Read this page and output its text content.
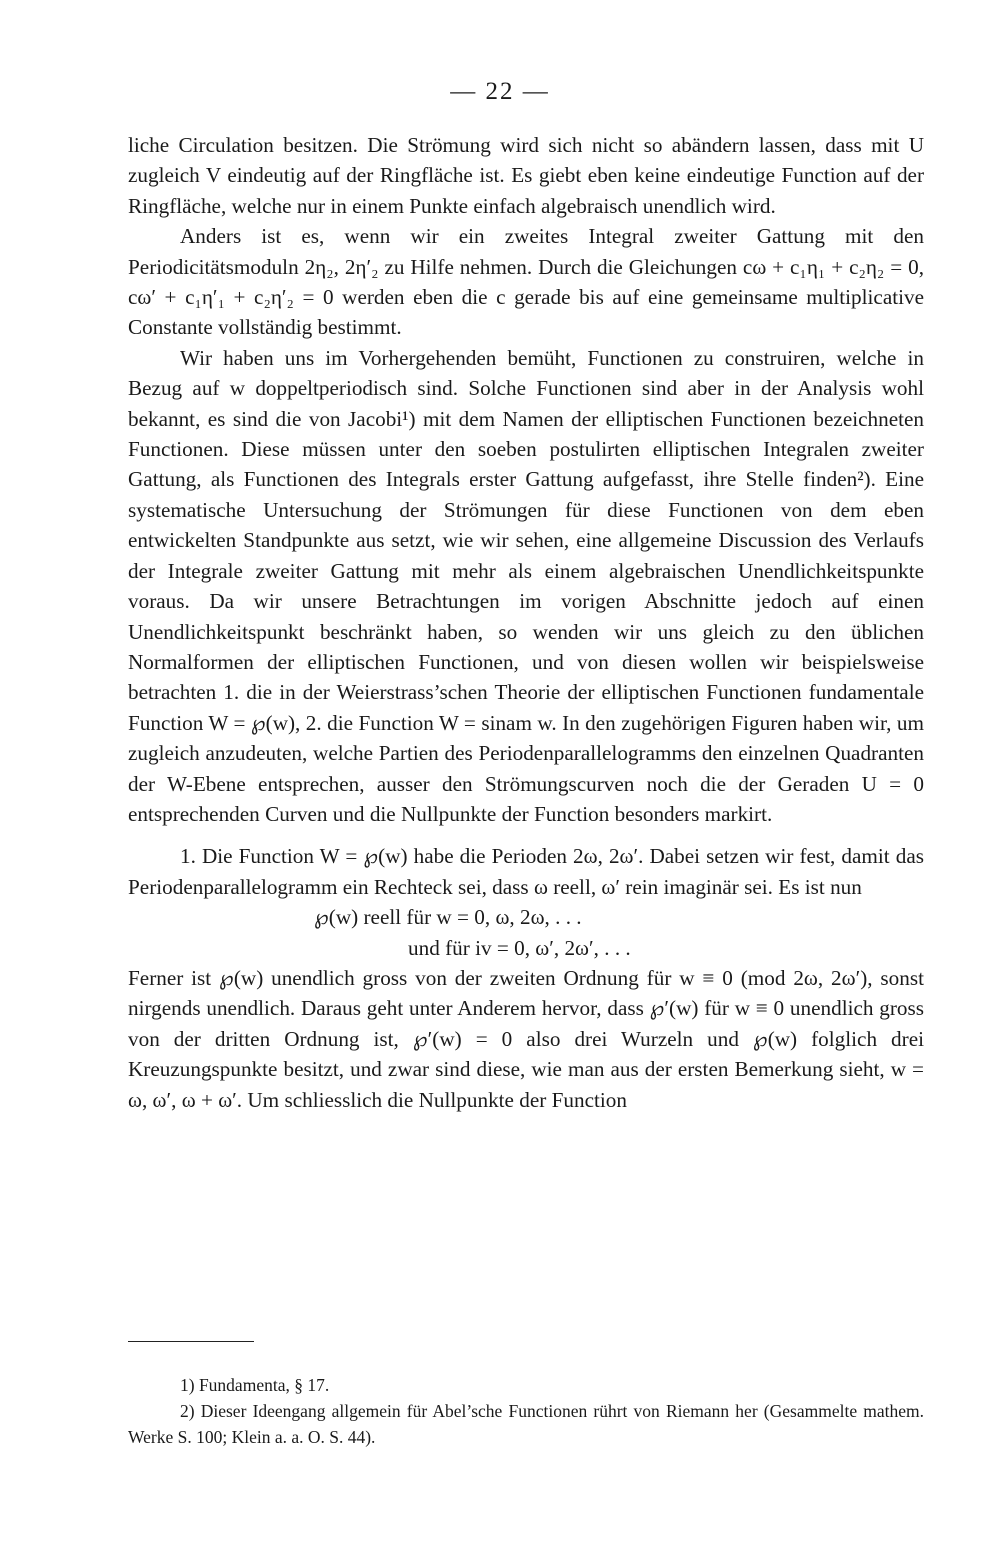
— 22 —

liche Circulation besitzen. Die Strömung wird sich nicht so abändern lassen, dass mit U zugleich V eindeutig auf der Ringfläche ist. Es giebt eben keine eindeutige Function auf der Ringfläche, welche nur in einem Punkte einfach algebraisch unendlich wird.

Anders ist es, wenn wir ein zweites Integral zweiter Gattung mit den Periodicitätsmoduln 2η₂, 2η′₂ zu Hilfe nehmen. Durch die Gleichungen cω + c₁η₁ + c₂η₂ = 0, cω′ + c₁η′₁ + c₂η′₂ = 0 werden eben die c gerade bis auf eine gemeinsame multiplicative Constante vollständig bestimmt.

Wir haben uns im Vorhergehenden bemüht, Functionen zu construiren, welche in Bezug auf w doppeltperiodisch sind. Solche Functionen sind aber in der Analysis wohl bekannt, es sind die von Jacobi¹) mit dem Namen der elliptischen Functionen bezeichneten Functionen. Diese müssen unter den soeben postulirten elliptischen Integralen zweiter Gattung, als Functionen des Integrals erster Gattung aufgefasst, ihre Stelle finden²). Eine systematische Untersuchung der Strömungen für diese Functionen von dem eben entwickelten Standpunkte aus setzt, wie wir sehen, eine allgemeine Discussion des Verlaufs der Integrale zweiter Gattung mit mehr als einem algebraischen Unendlichkeitspunkte voraus. Da wir unsere Betrachtungen im vorigen Abschnitte jedoch auf einen Unendlichkeitspunkt beschränkt haben, so wenden wir uns gleich zu den üblichen Normalformen der elliptischen Functionen, und von diesen wollen wir beispielsweise betrachten 1. die in der Weierstrass’schen Theorie der elliptischen Functionen fundamentale Function W = ℘(w), 2. die Function W = sinam w. In den zugehörigen Figuren haben wir, um zugleich anzudeuten, welche Partien des Periodenparallelogramms den einzelnen Quadranten der W-Ebene entsprechen, ausser den Strömungscurven noch die der Geraden U = 0 entsprechenden Curven und die Nullpunkte der Function besonders markirt.

1. Die Function W = ℘(w) habe die Perioden 2ω, 2ω′. Dabei setzen wir fest, damit das Periodenparallelogramm ein Rechteck sei, dass ω reell, ω′ rein imaginär sei. Es ist nun

℘(w) reell für w = 0, ω, 2ω, . . .
und für iv = 0, ω′, 2ω′, . . .

Ferner ist ℘(w) unendlich gross von der zweiten Ordnung für w ≡ 0 (mod 2ω, 2ω′), sonst nirgends unendlich. Daraus geht unter Anderem hervor, dass ℘′(w) für w ≡ 0 unendlich gross von der dritten Ordnung ist, ℘′(w) = 0 also drei Wurzeln und ℘(w) folglich drei Kreuzungspunkte besitzt, und zwar sind diese, wie man aus der ersten Bemerkung sieht, w = ω, ω′, ω + ω′. Um schliesslich die Nullpunkte der Function

1) Fundamenta, § 17.

2) Dieser Ideengang allgemein für Abel’sche Functionen rührt von Riemann her (Gesammelte mathem. Werke S. 100; Klein a. a. O. S. 44).
